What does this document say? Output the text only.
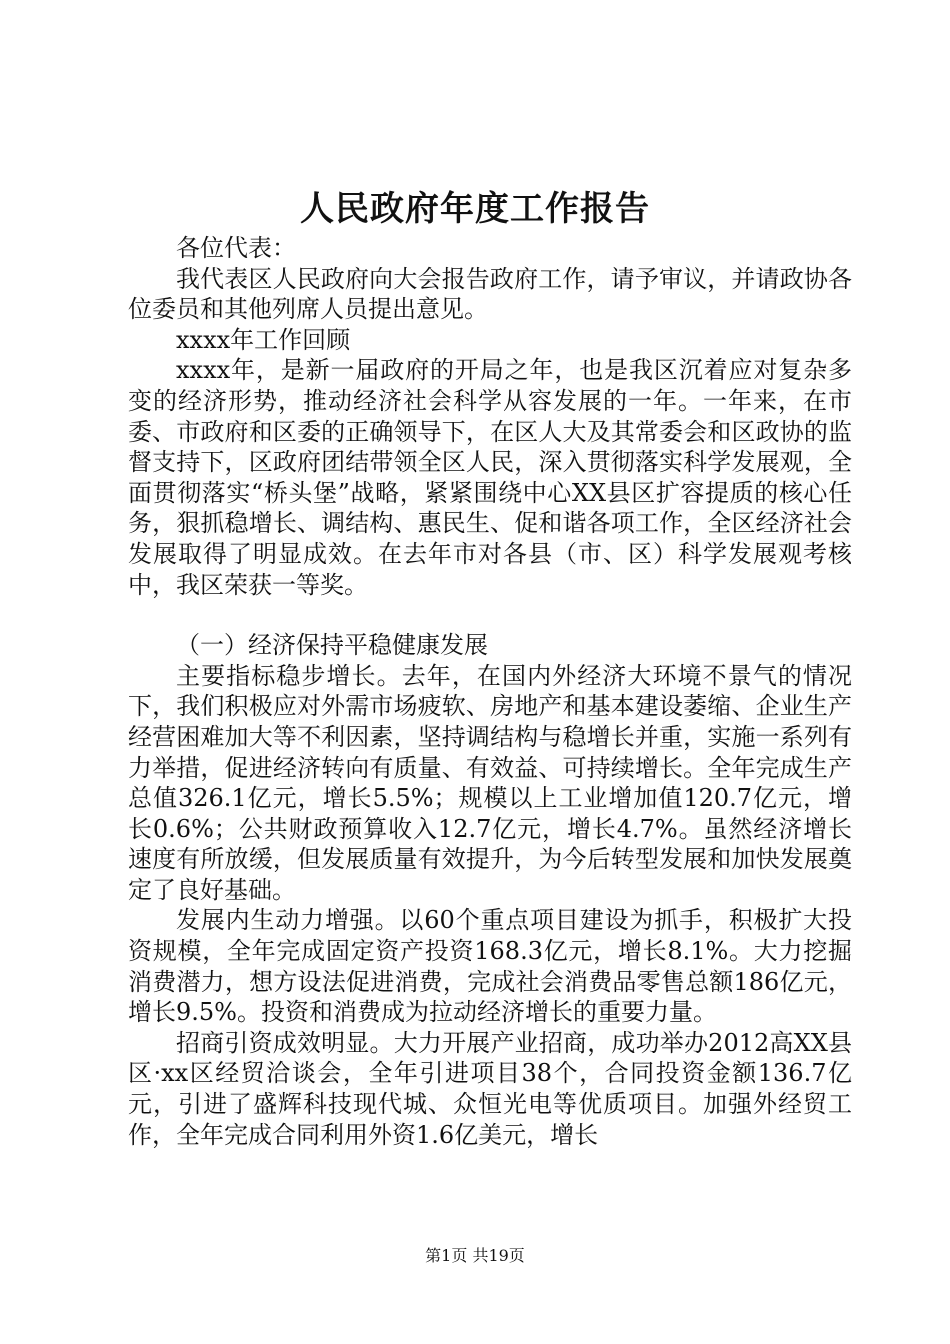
人民政府年度工作报告

各位代表：

我代表区人民政府向大会报告政府工作，请予审议，并请政协各位委员和其他列席人员提出意见。

xxxx年工作回顾

xxxx年，是新一届政府的开局之年，也是我区沉着应对复杂多变的经济形势，推动经济社会科学从容发展的一年。一年来，在市委、市政府和区委的正确领导下，在区人大及其常委会和区政协的监督支持下，区政府团结带领全区人民，深入贯彻落实科学发展观，全面贯彻落实“桥头堡”战略，紧紧围绕中心XX县区扩容提质的核心任务，狠抓稳增长、调结构、惠民生、促和谐各项工作，全区经济社会发展取得了明显成效。在去年市对各县（市、区）科学发展观考核中，我区荣获一等奖。

（一）经济保持平稳健康发展

主要指标稳步增长。去年，在国内外经济大环境不景气的情况下，我们积极应对外需市场疲软、房地产和基本建设萎缩、企业生产经营困难加大等不利因素，坚持调结构与稳增长并重，实施一系列有力举措，促进经济转向有质量、有效益、可持续增长。全年完成生产总值326.1亿元，增长5.5%；规模以上工业增加值120.7亿元，增长0.6%；公共财政预算收入12.7亿元，增长4.7%。虽然经济增长速度有所放缓，但发展质量有效提升，为今后转型发展和加快发展奠定了良好基础。

发展内生动力增强。以60个重点项目建设为抓手，积极扩大投资规模，全年完成固定资产投资168.3亿元，增长8.1%。大力挖掘消费潜力，想方设法促进消费，完成社会消费品零售总额186亿元，增长9.5%。投资和消费成为拉动经济增长的重要力量。

招商引资成效明显。大力开展产业招商，成功举办2012高XX县区·xx区经贸洽谈会，全年引进项目38个，合同投资金额136.7亿元，引进了盛辉科技现代城、众恒光电等优质项目。加强外经贸工作，全年完成合同利用外资1.6亿美元，增长

第1页 共19页
